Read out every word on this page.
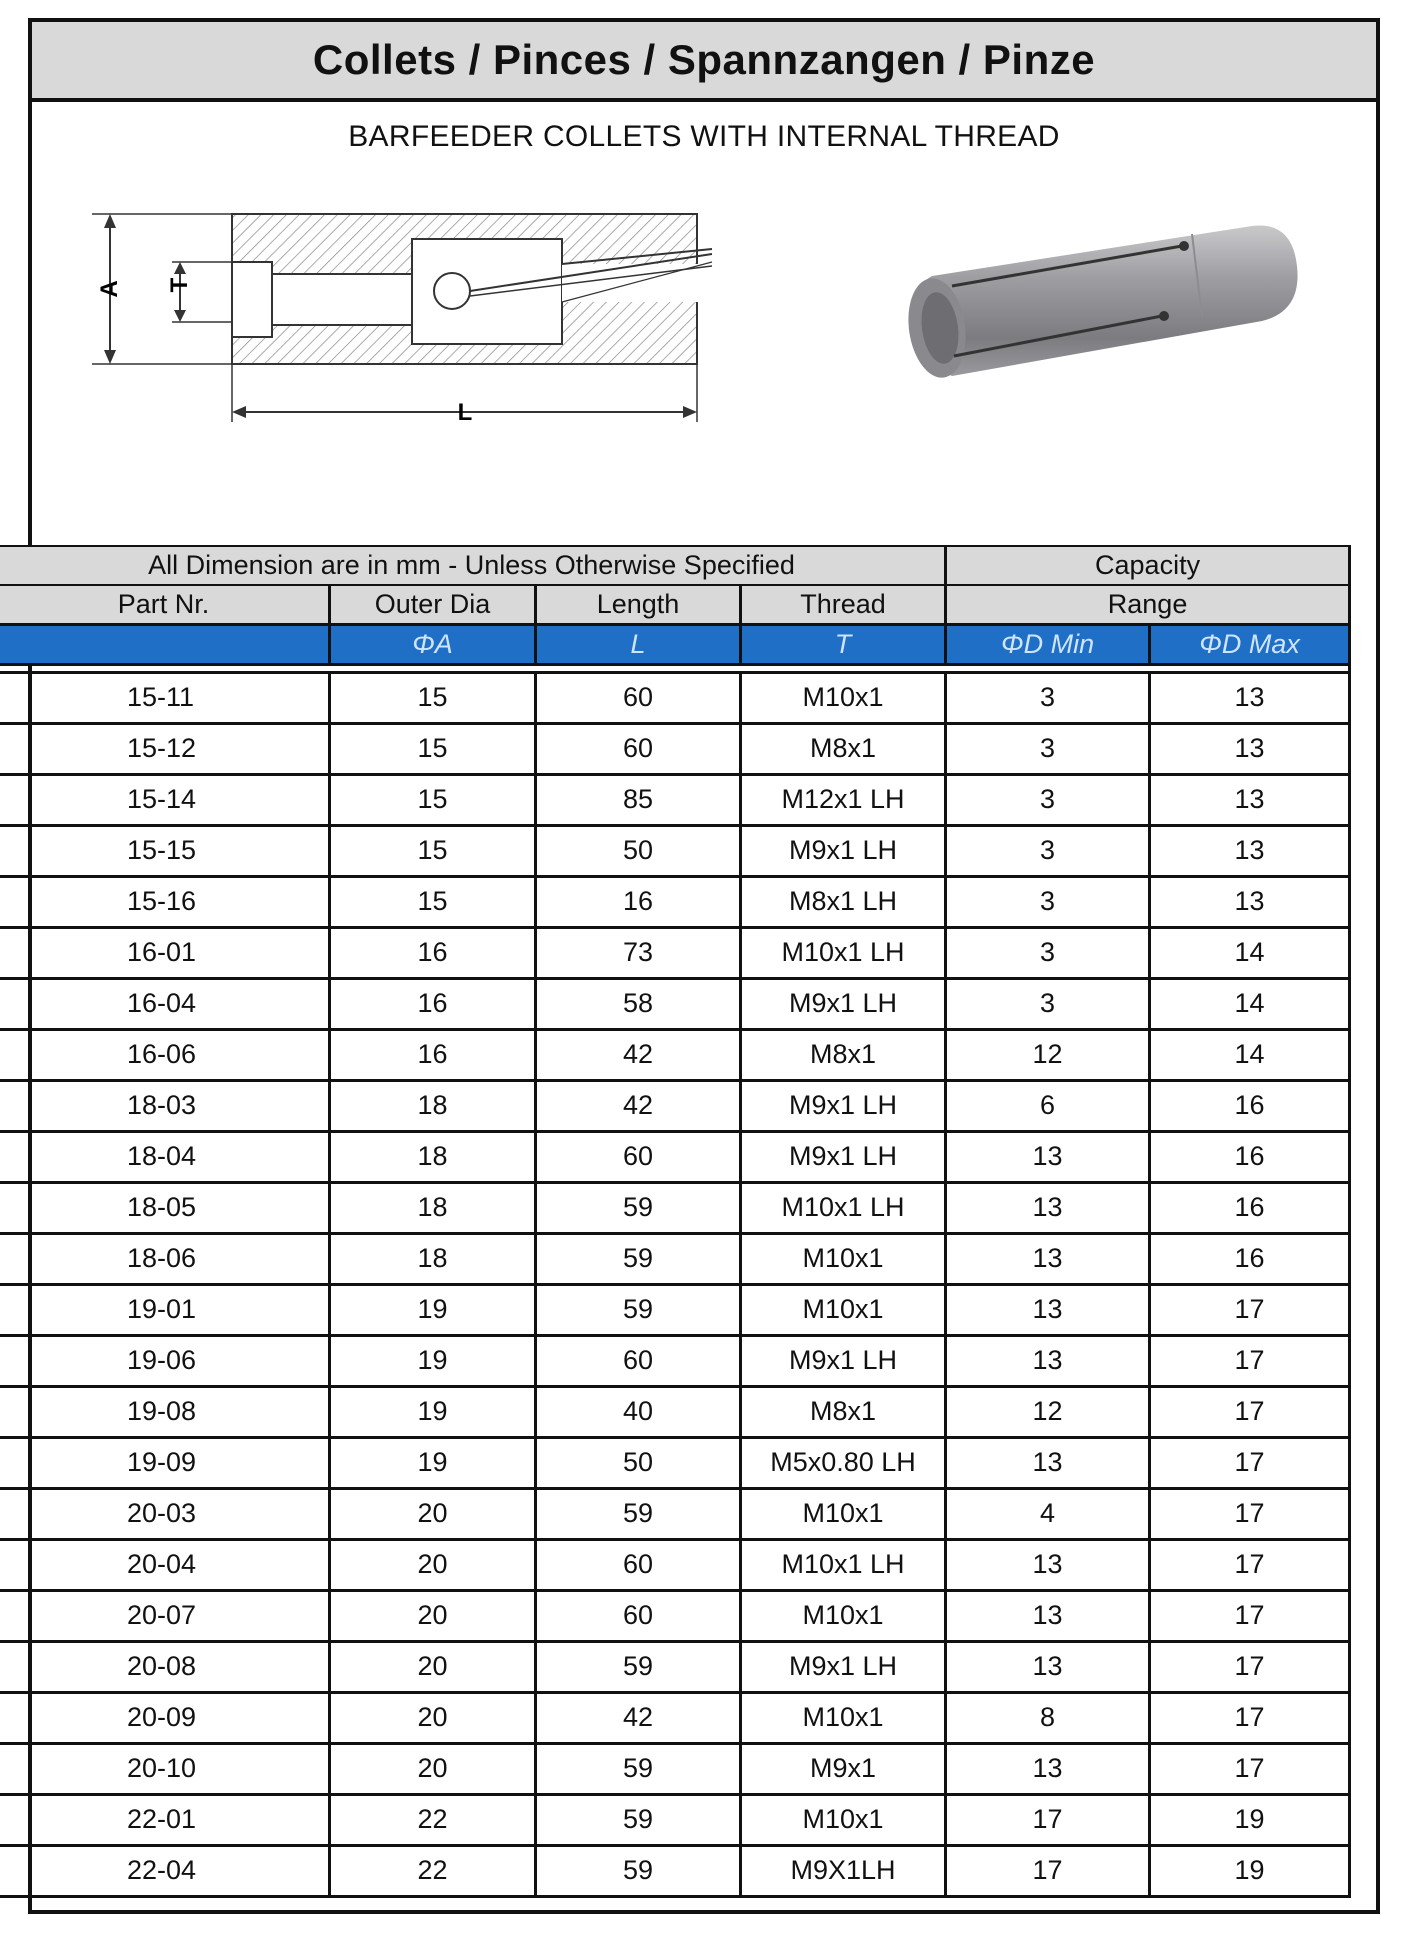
Collets / Pinces / Spannzangen / Pinze
BARFEEDER COLLETS WITH INTERNAL THREAD
A T
L
All Dimension are in mm - Unless Otherwise Specified				Capacity	
Part Nr.	Outer Dia	Length	Thread	Range	
	ΦA	L	T	ΦD Min	ΦD Max

15-11	15	60	M10x1	3	13
15-12	15	60	M8x1	3	13
15-14	15	85	M12x1 LH	3	13
15-15	15	50	M9x1 LH	3	13
15-16	15	16	M8x1 LH	3	13
16-01	16	73	M10x1 LH	3	14
16-04	16	58	M9x1 LH	3	14
16-06	16	42	M8x1	12	14
18-03	18	42	M9x1 LH	6	16
18-04	18	60	M9x1 LH	13	16
18-05	18	59	M10x1 LH	13	16
18-06	18	59	M10x1	13	16
19-01	19	59	M10x1	13	17
19-06	19	60	M9x1 LH	13	17
19-08	19	40	M8x1	12	17
19-09	19	50	M5x0.80 LH	13	17
20-03	20	59	M10x1	4	17
20-04	20	60	M10x1 LH	13	17
20-07	20	60	M10x1	13	17
20-08	20	59	M9x1 LH	13	17
20-09	20	42	M10x1	8	17
20-10	20	59	M9x1	13	17
22-01	22	59	M10x1	17	19
22-04	22	59	M9X1LH	17	19
